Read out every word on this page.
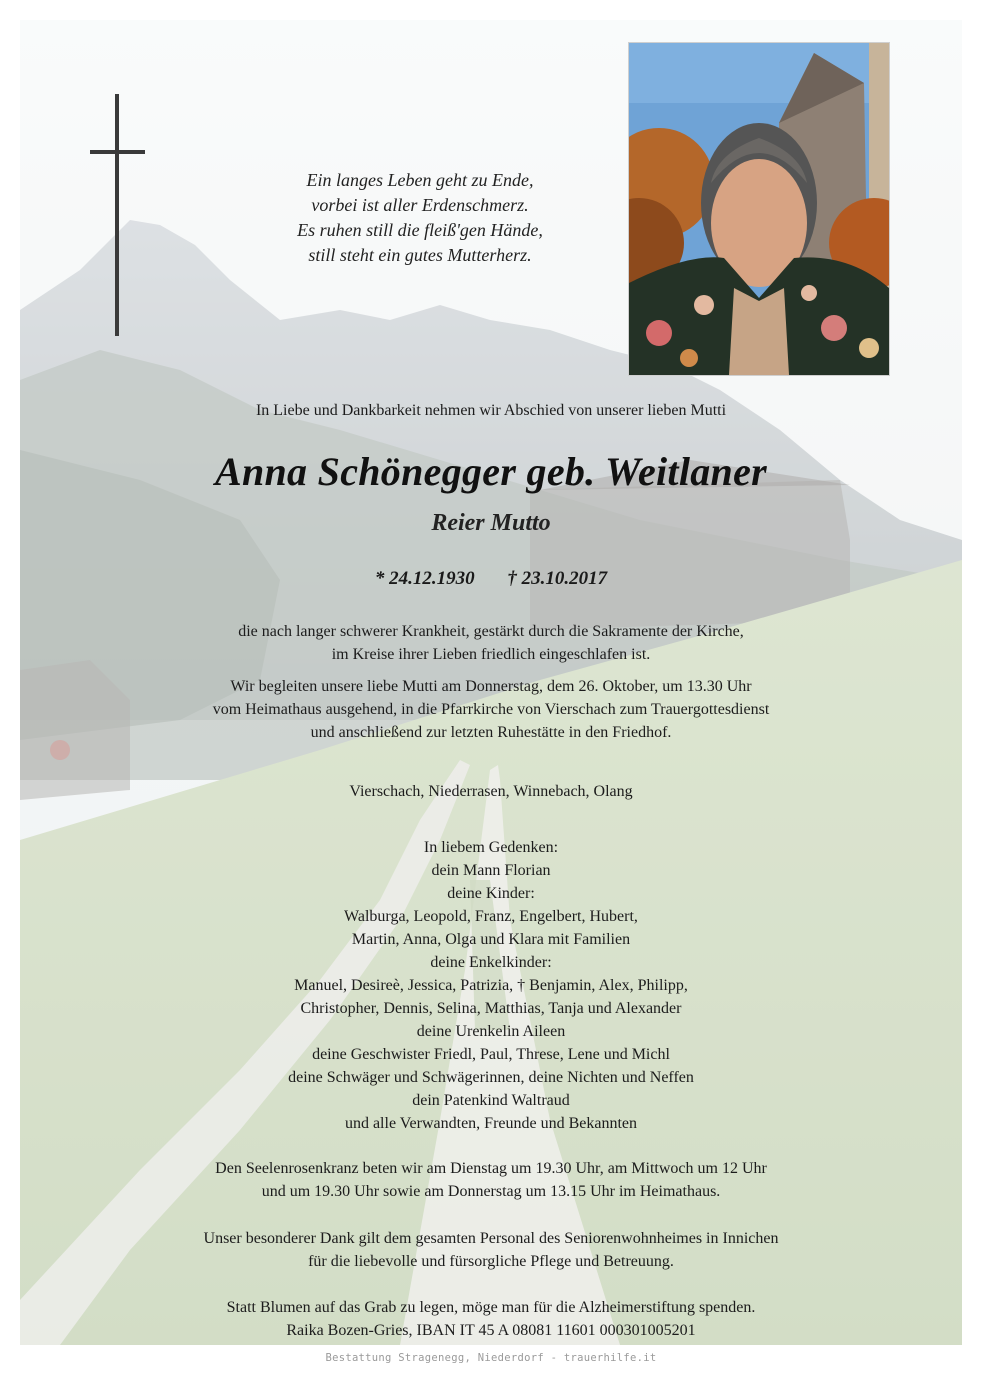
Ein langes Leben geht zu Ende,
vorbei ist aller Erdenschmerz.
Es ruhen still die fleiß'gen Hände,
still steht ein gutes Mutterherz.
In Liebe und Dankbarkeit nehmen wir Abschied von unserer lieben Mutti
Anna Schönegger geb. Weitlaner
Reier Mutto
* 24.12.1930 † 23.10.2017
die nach langer schwerer Krankheit, gestärkt durch die Sakramente der Kirche,
im Kreise ihrer Lieben friedlich eingeschlafen ist.
Wir begleiten unsere liebe Mutti am Donnerstag, dem 26. Oktober, um 13.30 Uhr
vom Heimathaus ausgehend, in die Pfarrkirche von Vierschach zum Trauergottesdienst
und anschließend zur letzten Ruhestätte in den Friedhof.
Vierschach, Niederrasen, Winnebach, Olang
In liebem Gedenken:
dein Mann Florian
deine Kinder:
Walburga, Leopold, Franz, Engelbert, Hubert,
Martin, Anna, Olga und Klara mit Familien
deine Enkelkinder:
Manuel, Desireè, Jessica, Patrizia, † Benjamin, Alex, Philipp,
Christopher, Dennis, Selina, Matthias, Tanja und Alexander
deine Urenkelin Aileen
deine Geschwister Friedl, Paul, Threse, Lene und Michl
deine Schwäger und Schwägerinnen, deine Nichten und Neffen
dein Patenkind Waltraud
und alle Verwandten, Freunde und Bekannten
Den Seelenrosenkranz beten wir am Dienstag um 19.30 Uhr, am Mittwoch um 12 Uhr
und um 19.30 Uhr sowie am Donnerstag um 13.15 Uhr im Heimathaus.
Unser besonderer Dank gilt dem gesamten Personal des Seniorenwohnheimes in Innichen
für die liebevolle und fürsorgliche Pflege und Betreuung.
Statt Blumen auf das Grab zu legen, möge man für die Alzheimerstiftung spenden.
Raika Bozen-Gries, IBAN IT 45 A 08081 11601 000301005201
Bestattung Stragenegg, Niederdorf - trauerhilfe.it
